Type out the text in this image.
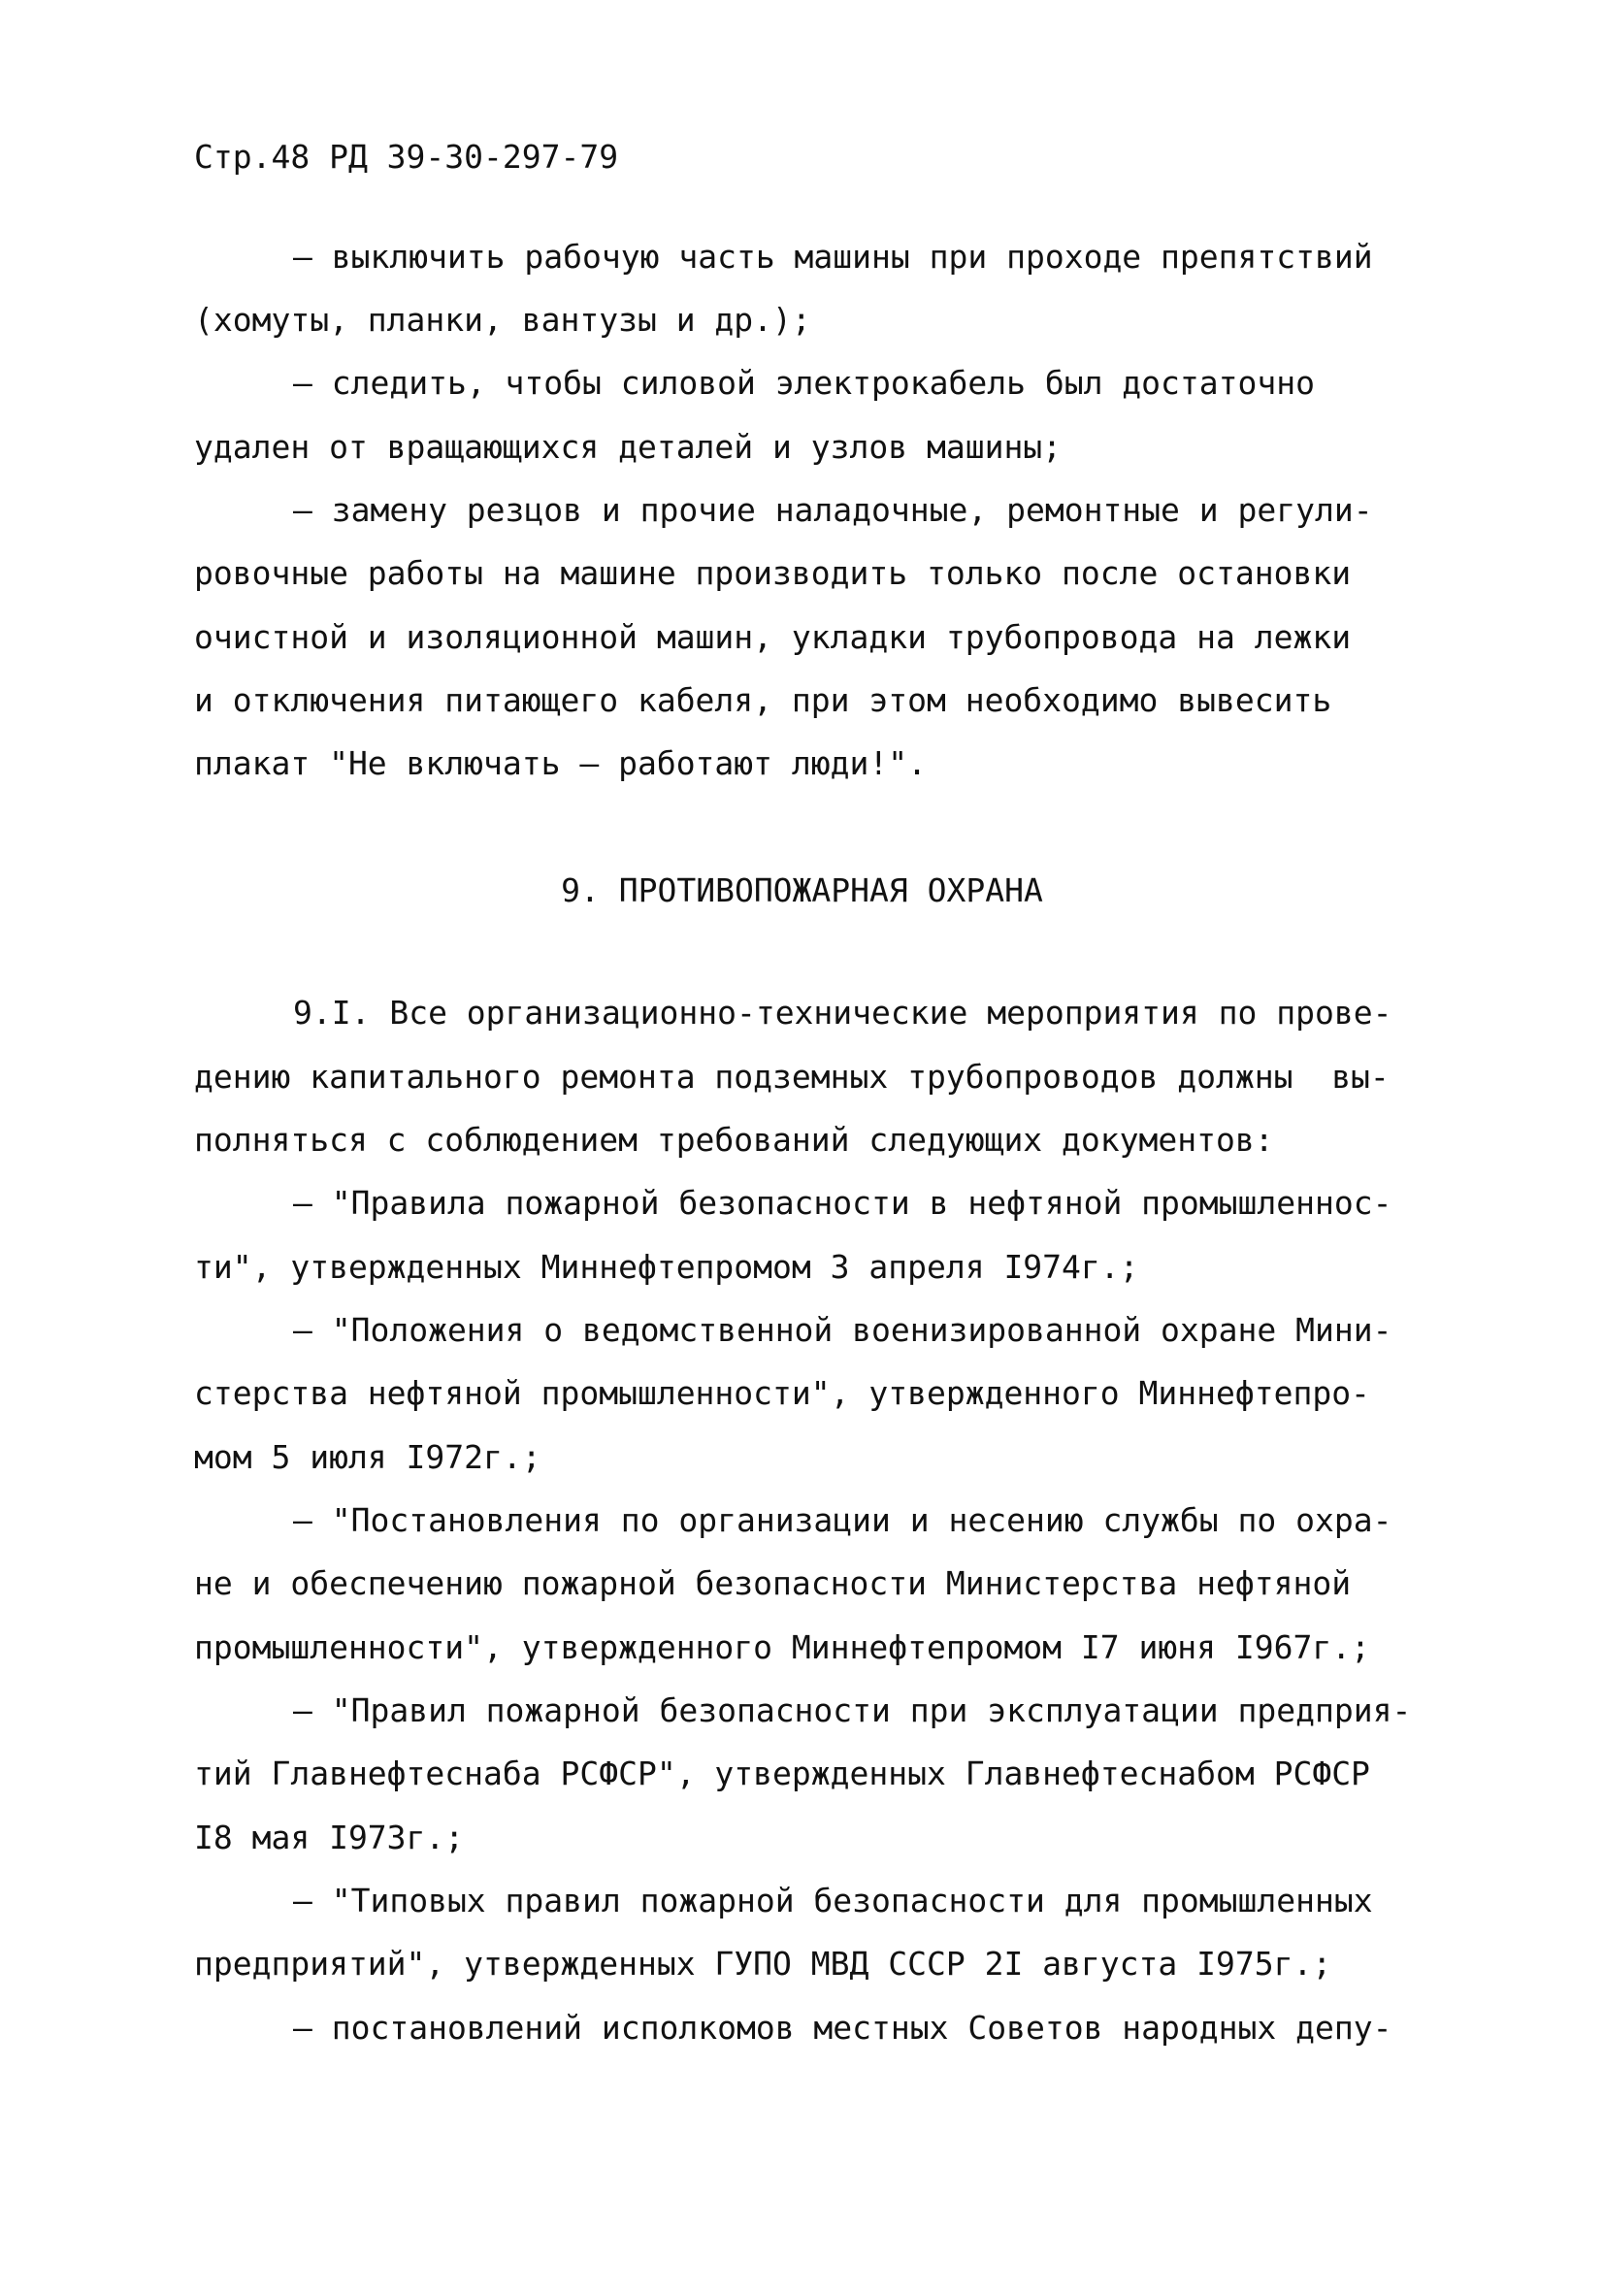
Стр.48 РД 39-30-297-79
– выключить рабочую часть машины при проходе препятствий
(хомуты, планки, вантузы и др.);
– следить, чтобы силовой электрокабель был достаточно
удален от вращающихся деталей и узлов машины;
– замену резцов и прочие наладочные, ремонтные и регули-
ровочные работы на машине производить только после остановки
очистной и изоляционной машин, укладки трубопровода на лежки
и отключения питающего кабеля, при этом необходимо вывесить
плакат "Не включать – работают люди!".
9. ПРОТИВОПОЖАРНАЯ ОХРАНА
9.I. Все организационно-технические мероприятия по прове-
дению капитального ремонта подземных трубопроводов должны  вы-
полняться с соблюдением требований следующих документов:
– "Правила пожарной безопасности в нефтяной промышленнос-
ти", утвержденных Миннефтепромом 3 апреля I974г.;
– "Положения о ведомственной военизированной охране Мини-
стерства нефтяной промышленности", утвержденного Миннефтепро-
мом 5 июля I972г.;
– "Постановления по организации и несению службы по охра-
не и обеспечению пожарной безопасности Министерства нефтяной
промышленности", утвержденного Миннефтепромом I7 июня I967г.;
– "Правил пожарной безопасности при эксплуатации предприя-
тий Главнефтеснаба РСФСР", утвержденных Главнефтеснабом РСФСР
I8 мая I973г.;
– "Типовых правил пожарной безопасности для промышленных
предприятий", утвержденных ГУПО МВД СССР 2I августа I975г.;
– постановлений исполкомов местных Советов народных депу-
